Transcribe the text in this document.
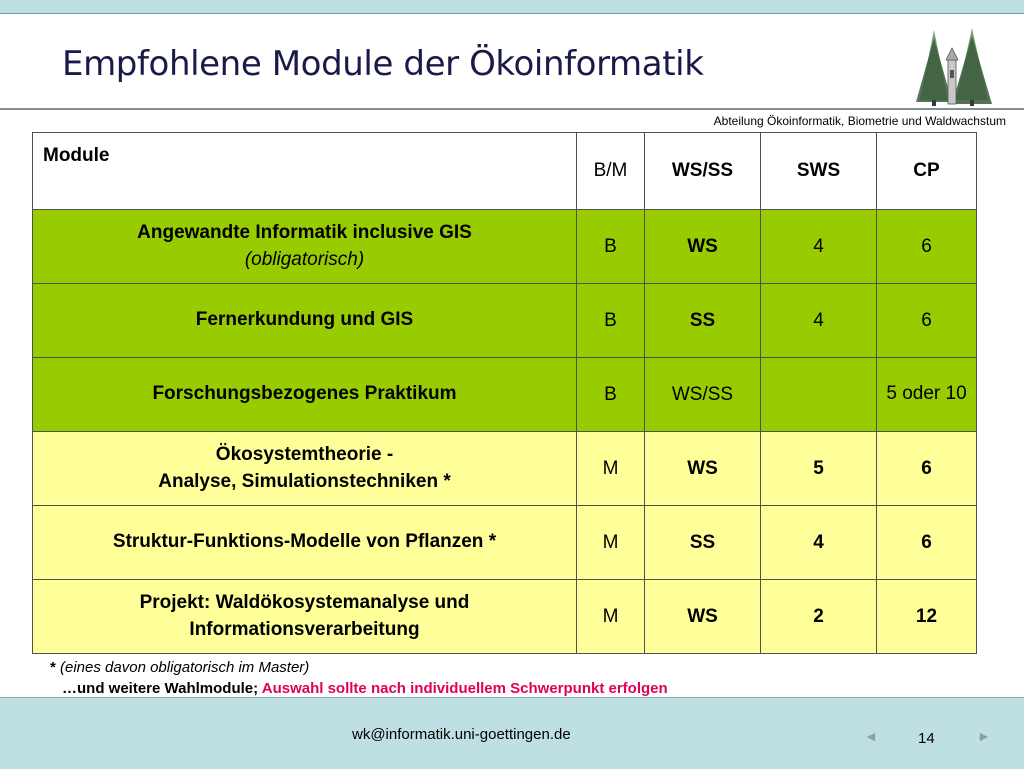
Empfohlene Module der Ökoinformatik
Abteilung Ökoinformatik, Biometrie und Waldwachstum
Module	B/M	WS/SS	SWS	CP
Angewandte Informatik inclusive GIS
(obligatorisch)	B	WS	4	6
Fernerkundung und GIS	B	SS	4	6
Forschungsbezogenes Praktikum	B	WS/SS		5 oder 10
Ökosystemtheorie -
Analyse, Simulationstechniken *	M	WS	5	6
Struktur-Funktions-Modelle von Pflanzen *	M	SS	4	6
Projekt: Waldökosystemanalyse und
Informationsverarbeitung	M	WS	2	12
* (eines davon obligatorisch im Master)
…und weitere Wahlmodule; Auswahl sollte nach individuellem Schwerpunkt erfolgen
wk@informatik.uni-goettingen.de	◄	14	►
